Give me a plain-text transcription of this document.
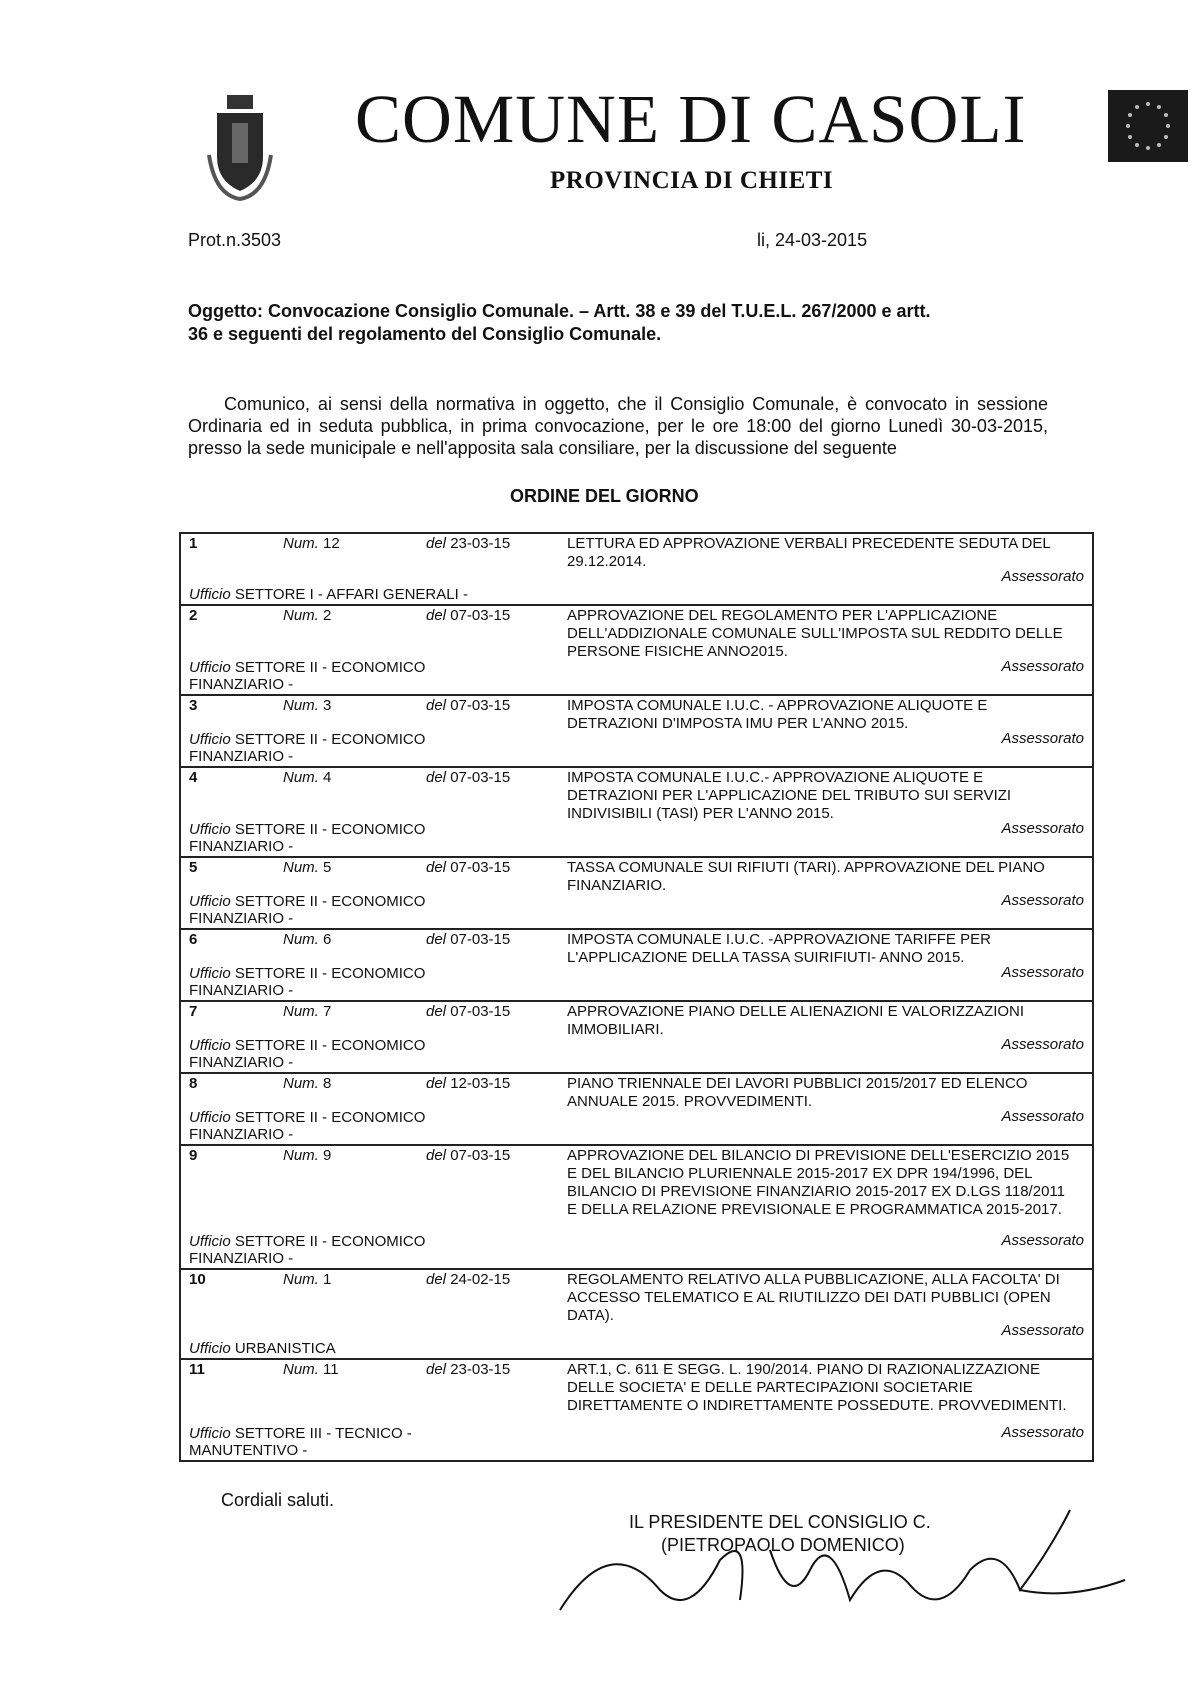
COMUNE DI CASOLI
PROVINCIA DI CHIETI
Prot.n.3503	li, 24-03-2015
Oggetto: Convocazione Consiglio Comunale. – Artt. 38 e 39 del T.U.E.L. 267/2000 e artt.
36 e seguenti del regolamento del Consiglio Comunale.
Comunico, ai sensi della normativa in oggetto, che il Consiglio Comunale, è convocato in sessione Ordinaria ed in seduta pubblica, in prima convocazione, per le ore 18:00 del giorno Lunedì 30-03-2015, presso la sede municipale e nell'apposita sala consiliare, per la discussione del seguente
ORDINE DEL GIORNO
1	Num. 12	del 23-03-15	LETTURA ED APPROVAZIONE VERBALI PRECEDENTE SEDUTA DEL 29.12.2014.
Ufficio SETTORE I - AFFARI GENERALI -
Assessorato
2	Num. 2	del 07-03-15	APPROVAZIONE DEL REGOLAMENTO PER L'APPLICAZIONE DELL'ADDIZIONALE COMUNALE SULL'IMPOSTA SUL REDDITO DELLE PERSONE FISICHE ANNO2015.
Ufficio SETTORE II - ECONOMICO FINANZIARIO -
Assessorato
3	Num. 3	del 07-03-15	IMPOSTA COMUNALE I.U.C. - APPROVAZIONE ALIQUOTE E DETRAZIONI D'IMPOSTA IMU PER L'ANNO 2015.
Ufficio SETTORE II - ECONOMICO FINANZIARIO -
Assessorato
4	Num. 4	del 07-03-15	IMPOSTA COMUNALE I.U.C.- APPROVAZIONE ALIQUOTE E DETRAZIONI PER L'APPLICAZIONE DEL TRIBUTO SUI SERVIZI INDIVISIBILI (TASI) PER L'ANNO 2015.
Ufficio SETTORE II - ECONOMICO FINANZIARIO -
Assessorato
5	Num. 5	del 07-03-15	TASSA COMUNALE SUI RIFIUTI (TARI). APPROVAZIONE DEL PIANO FINANZIARIO.
Ufficio SETTORE II - ECONOMICO FINANZIARIO -
Assessorato
6	Num. 6	del 07-03-15	IMPOSTA COMUNALE I.U.C. -APPROVAZIONE TARIFFE PER L'APPLICAZIONE DELLA TASSA SUIRIFIUTI- ANNO 2015.
Ufficio SETTORE II - ECONOMICO FINANZIARIO -
Assessorato
7	Num. 7	del 07-03-15	APPROVAZIONE PIANO DELLE ALIENAZIONI E VALORIZZAZIONI IMMOBILIARI.
Ufficio SETTORE II - ECONOMICO FINANZIARIO -
Assessorato
8	Num. 8	del 12-03-15	PIANO TRIENNALE DEI LAVORI PUBBLICI 2015/2017 ED ELENCO ANNUALE 2015. PROVVEDIMENTI.
Ufficio SETTORE II - ECONOMICO FINANZIARIO -
Assessorato
9	Num. 9	del 07-03-15	APPROVAZIONE DEL BILANCIO DI PREVISIONE DELL'ESERCIZIO 2015 E DEL BILANCIO PLURIENNALE 2015-2017 EX DPR 194/1996, DEL BILANCIO DI PREVISIONE FINANZIARIO 2015-2017 EX D.LGS 118/2011 E DELLA RELAZIONE PREVISIONALE E PROGRAMMATICA 2015-2017.
Ufficio SETTORE II - ECONOMICO FINANZIARIO -
Assessorato
10	Num. 1	del 24-02-15	REGOLAMENTO RELATIVO ALLA PUBBLICAZIONE, ALLA FACOLTA' DI ACCESSO TELEMATICO E AL RIUTILIZZO DEI DATI PUBBLICI (OPEN DATA).
Ufficio URBANISTICA
Assessorato
11	Num. 11	del 23-03-15	ART.1, C. 611 E SEGG. L. 190/2014. PIANO DI RAZIONALIZZAZIONE DELLE SOCIETA' E DELLE PARTECIPAZIONI SOCIETARIE DIRETTAMENTE O INDIRETTAMENTE POSSEDUTE. PROVVEDIMENTI.
Ufficio SETTORE III - TECNICO - MANUTENTIVO -
Assessorato
Cordiali saluti.
IL PRESIDENTE DEL CONSIGLIO C.
(PIETROPAOLO DOMENICO)
